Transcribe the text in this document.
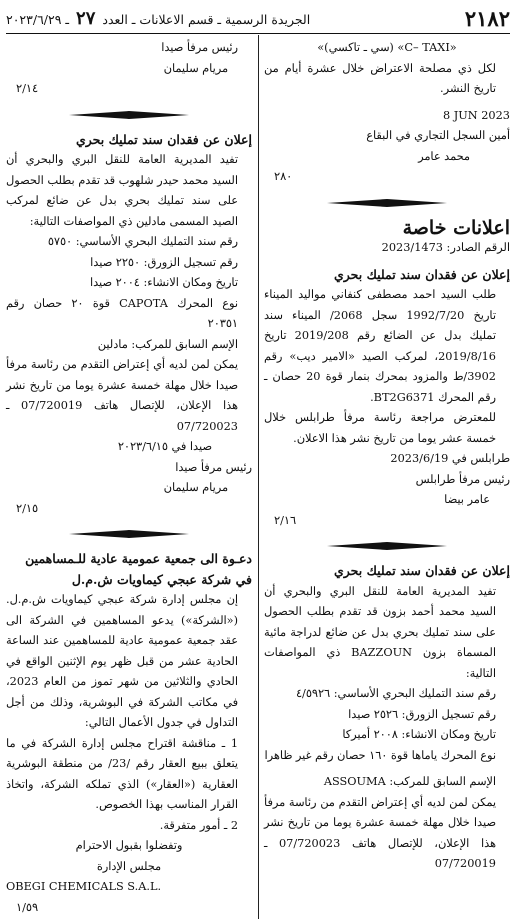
٢١٨٢
الجريدة الرسمية ـ قسم الاعلانات ـ العدد ٢٧ ـ ٢٠٢٣/٦/٢٩

«C– TAXI» (سي ـ تاكسي)»

لكل ذي مصلحة الاعتراض خلال عشرة أيام من تاريخ النشر.

8 JUN 2023

أمين السجل التجاري في البقاع

محمد عامر

٢٨٠

اعلانات خاصة

الرقم الصادر: 2023/1473

إعلان عن فقدان سند تمليك بحري

طلب السيد احمد مصطفى كنفاني مواليد الميناء تاريخ 1992/7/20 سجل 2068/ الميناء سند تمليك بدل عن الضائع رقم 2019/208 تاريخ 2019/8/16، لمركب الصيد «الامير ديب» رقم 3902/ط والمزود بمحرك بنمار قوة 20 حصان ـ رقم المحرك BT2G6371.

للمعترض مراجعة رئاسة مرفأ طرابلس خلال خمسة عشر يوما من تاريخ نشر هذا الاعلان.

طرابلس في 2023/6/19

رئيس مرفأ طرابلس

عامر بيضا

٢/١٦

إعلان عن فقدان سند تمليك بحري

تفيد المديرية العامة للنقل البري والبحري أن السيد محمد أحمد بزون قد تقدم بطلب الحصول على سند تمليك بحري بدل عن ضائع لدراجة مائية المسماة بزون BAZZOUN ذي المواصفات التالية:

رقم سند التمليك البحري الأساسي: ٤/٥٩٢٦

رقم تسجيل الزورق: ٢٥٢٦ صيدا

تاريخ ومكان الانشاء: ٢٠٠٨ أميركا

نوع المحرك ياماها قوة ١٦٠ حصان رقم غير ظاهرا

الإسم السابق للمركب: ASSOUMA

يمكن لمن لديه أي إعتراض التقدم من رئاسة مرفأ صيدا خلال مهلة خمسة عشرة يوما من تاريخ نشر هذا الإعلان، للإتصال هاتف 07/720023 ـ 07/720019

رئيس مرفأ صيدا

مريام سليمان

٢/١٤

إعلان عن فقدان سند تمليك بحري

تفيد المديرية العامة للنقل البري والبحري أن السيد محمد حيدر شلهوب قد تقدم بطلب الحصول على سند تمليك بحري بدل عن ضائع لمركب الصيد المسمى مادلين ذي المواصفات التالية:

رقم سند التمليك البحري الأساسي: ٥٧٥٠

رقم تسجيل الزورق: ٢٢٥٠ صيدا

تاريخ ومكان الانشاء: ٢٠٠٤ صيدا

نوع المحرك CAPOTA قوة ٢٠ حصان رقم ٢٠٣٥١

الإسم السابق للمركب: مادلين

يمكن لمن لديه أي إعتراض التقدم من رئاسة مرفأ صيدا خلال مهلة خمسة عشرة يوما من تاريخ نشر هذا الإعلان، للإتصال هاتف 07/720019 ـ 07/720023

صيدا في ٢٠٢٣/٦/١٥

رئيس مرفأ صيدا

مريام سليمان

٢/١٥

دعـوة الى جمعية عمومية عادية للـمساهمين

في شركة عبجي كيماويات ش.م.ل

إن مجلس إدارة شركة عبجي كيماويات ش.م.ل. («الشركة») يدعو المساهمين في الشركة الى عقد جمعية عمومية عادية للمساهمين عند الساعة الحادية عشر من قبل ظهر يوم الإثنين الواقع في الحادي والثلاثين من شهر تموز من العام 2023، في مكاتب الشركة في البوشرية، وذلك من أجل التداول في جدول الأعمال التالي:

1 ـ مناقشة اقتراح مجلس إدارة الشركة في ما يتعلق ببيع العقار رقم /23/ من منطقة البوشرية العقارية («العقار») الذي تملكه الشركة، واتخاذ القرار المناسب بهذا الخصوص.

2 ـ أمور متفرقة.

وتفضلوا بقبول الاحترام

مجلس الإدارة

OBEGI CHEMICALS S.A.L.

١/٥٩
